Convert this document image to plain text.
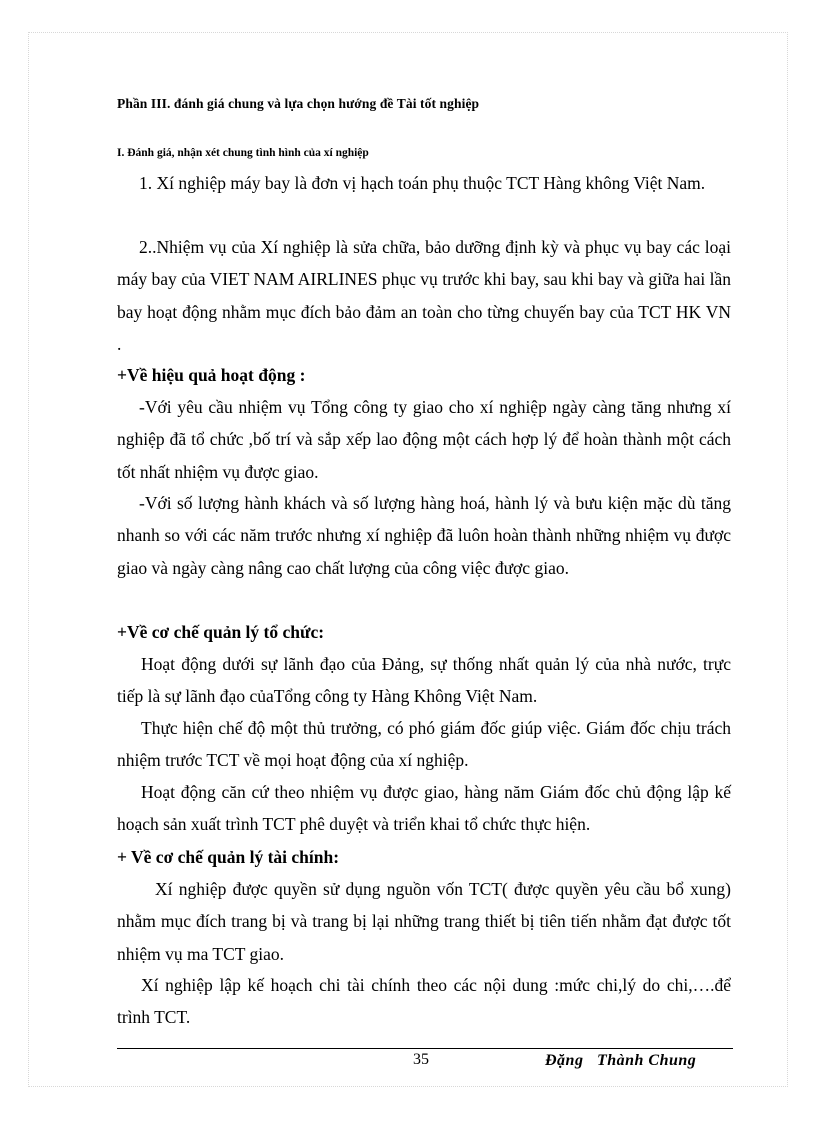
Phần III. đánh giá chung và lựa chọn hướng đề Tài tốt nghiệp
I. Đánh giá, nhận xét chung tình hình của xí nghiệp

1. Xí nghiệp máy bay là đơn vị hạch toán phụ thuộc TCT Hàng không Việt Nam.

2..Nhiệm vụ của Xí nghiệp là sửa chữa, bảo dưỡng định kỳ và phục vụ bay các loại máy bay của VIET NAM AIRLINES phục vụ trước khi bay, sau khi bay và giữa hai lần bay hoạt động nhằm mục đích bảo đảm an toàn cho từng chuyến bay của TCT HK VN .

+Về hiệu quả hoạt động :

-Với yêu cầu nhiệm vụ Tổng công ty giao cho xí nghiệp ngày càng tăng nhưng xí nghiệp đã tổ chức ,bố trí và sắp xếp lao động một cách hợp lý để hoàn thành một cách tốt nhất nhiệm vụ được giao.

-Với số lượng hành khách và số lượng hàng hoá, hành lý và bưu kiện mặc dù tăng nhanh so với các năm trước nhưng xí nghiệp đã luôn hoàn thành những nhiệm vụ được giao và ngày càng nâng cao chất lượng của công việc được giao.

+Về cơ chế quản lý tổ chức:

Hoạt động dưới sự lãnh đạo của Đảng, sự thống nhất quản lý của nhà nước, trực tiếp là sự lãnh đạo củaTổng công ty Hàng Không Việt Nam.

Thực hiện chế độ một thủ trưởng, có phó giám đốc giúp việc. Giám đốc chịu trách nhiệm trước TCT về mọi hoạt động của xí nghiệp.

Hoạt động căn cứ theo nhiệm vụ được giao, hàng năm Giám đốc chủ động lập kế hoạch sản xuất trình TCT phê duyệt và triển khai tổ chức thực hiện.

+ Về cơ chế quản lý tài chính:

Xí nghiệp được quyền sử dụng nguồn vốn TCT( được quyền yêu cầu bổ xung) nhằm mục đích trang bị và trang bị lại những trang thiết bị tiên tiến nhằm đạt được tốt nhiệm vụ ma TCT giao.

Xí nghiệp lập kế hoạch chi tài chính theo các nội dung :mức chi,lý do chi,….để trình TCT.

35	Đặng   Thành Chung
